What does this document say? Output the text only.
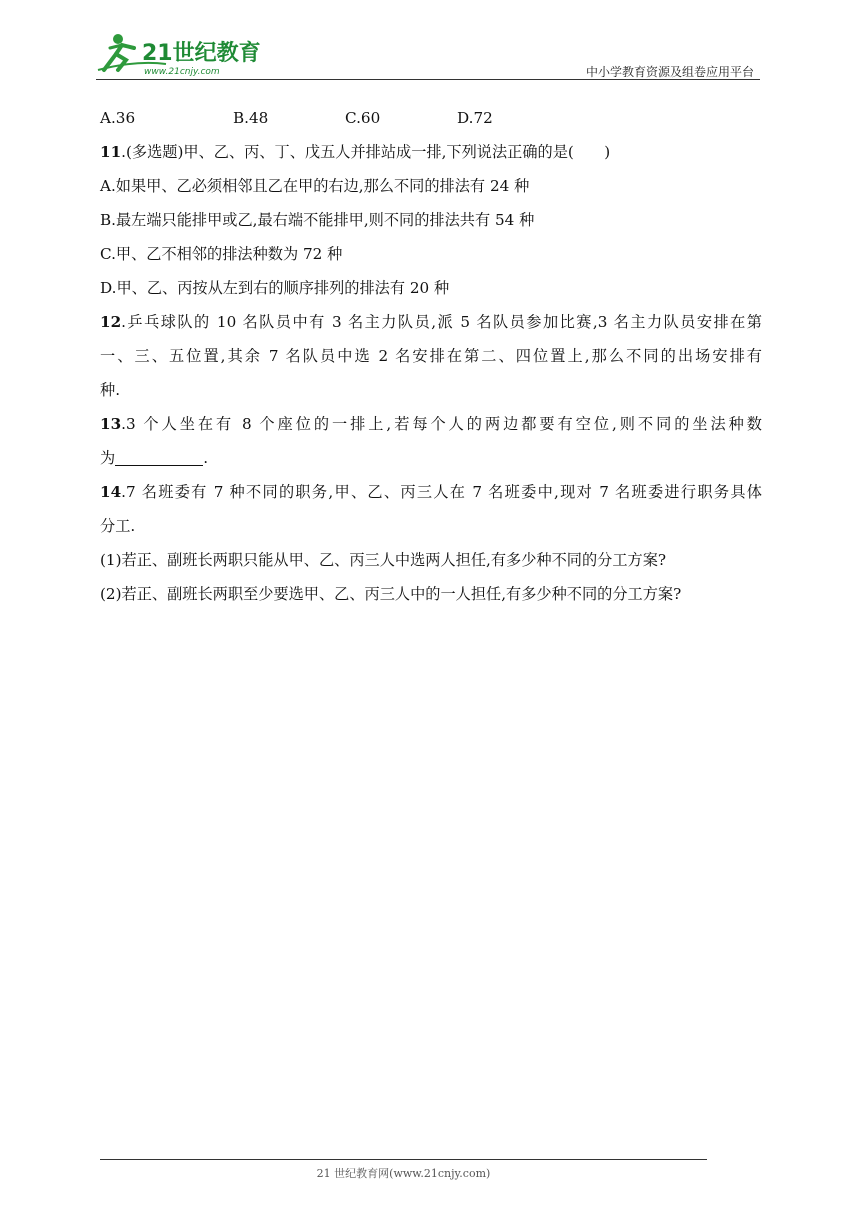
21世纪教育
www.21cnjy.com	中小学教育资源及组卷应用平台
A.36	B.48	C.60	D.72
11.(多选题)甲、乙、丙、丁、戊五人并排站成一排,下列说法正确的是(　　)
A.如果甲、乙必须相邻且乙在甲的右边,那么不同的排法有 24 种
B.最左端只能排甲或乙,最右端不能排甲,则不同的排法共有 54 种
C.甲、乙不相邻的排法种数为 72 种
D.甲、乙、丙按从左到右的顺序排列的排法有 20 种
12.乒乓球队的 10 名队员中有 3 名主力队员,派 5 名队员参加比赛,3 名主力队员安排在第
一、三、五位置,其余 7 名队员中选 2 名安排在第二、四位置上,那么不同的出场安排有
种.
13.3 个人坐在有 8 个座位的一排上,若每个人的两边都要有空位,则不同的坐法种数
为	.
14.7 名班委有 7 种不同的职务,甲、乙、丙三人在 7 名班委中,现对 7 名班委进行职务具体
分工.
(1)若正、副班长两职只能从甲、乙、丙三人中选两人担任,有多少种不同的分工方案?
(2)若正、副班长两职至少要选甲、乙、丙三人中的一人担任,有多少种不同的分工方案?
21 世纪教育网(www.21cnjy.com)
